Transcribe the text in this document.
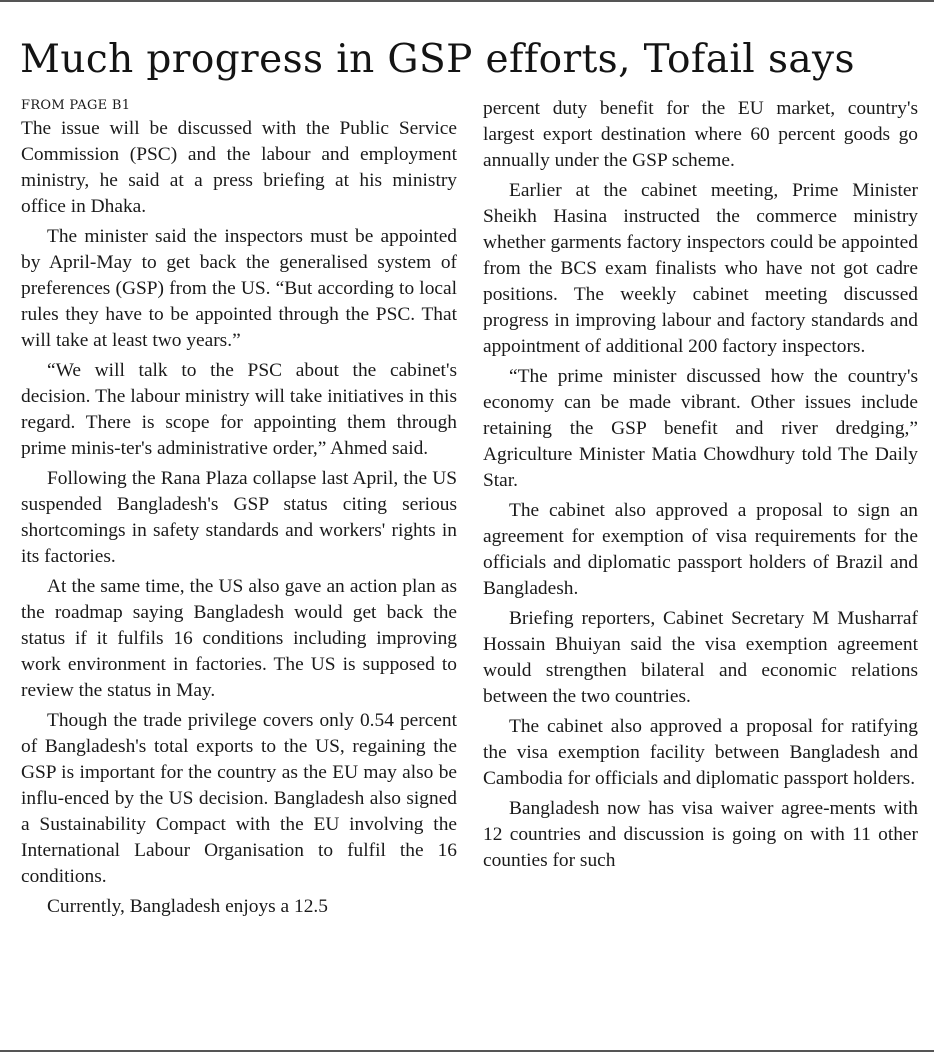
Much progress in GSP efforts, Tofail says
FROM PAGE B1

The issue will be discussed with the Public Service Commission (PSC) and the labour and employment ministry, he said at a press briefing at his ministry office in Dhaka.

The minister said the inspectors must be appointed by April-May to get back the generalised system of preferences (GSP) from the US. “But according to local rules they have to be appointed through the PSC. That will take at least two years.”

“We will talk to the PSC about the cabinet's decision. The labour ministry will take initiatives in this regard. There is scope for appointing them through prime minis-ter's administrative order,” Ahmed said.

Following the Rana Plaza collapse last April, the US suspended Bangladesh's GSP status citing serious shortcomings in safety standards and workers' rights in its factories.

At the same time, the US also gave an action plan as the roadmap saying Bangladesh would get back the status if it fulfils 16 conditions including improving work environment in factories. The US is supposed to review the status in May.

Though the trade privilege covers only 0.54 percent of Bangladesh's total exports to the US, regaining the GSP is important for the country as the EU may also be influ-enced by the US decision. Bangladesh also signed a Sustainability Compact with the EU involving the International Labour Organisation to fulfil the 16 conditions.

Currently, Bangladesh enjoys a 12.5

percent duty benefit for the EU market, country's largest export destination where 60 percent goods go annually under the GSP scheme.

Earlier at the cabinet meeting, Prime Minister Sheikh Hasina instructed the commerce ministry whether garments factory inspectors could be appointed from the BCS exam finalists who have not got cadre positions. The weekly cabinet meeting discussed progress in improving labour and factory standards and appointment of additional 200 factory inspectors.

“The prime minister discussed how the country's economy can be made vibrant. Other issues include retaining the GSP benefit and river dredging,” Agriculture Minister Matia Chowdhury told The Daily Star.

The cabinet also approved a proposal to sign an agreement for exemption of visa requirements for the officials and diplomatic passport holders of Brazil and Bangladesh.

Briefing reporters, Cabinet Secretary M Musharraf Hossain Bhuiyan said the visa exemption agreement would strengthen bilateral and economic relations between the two countries.

The cabinet also approved a proposal for ratifying the visa exemption facility between Bangladesh and Cambodia for officials and diplomatic passport holders.

Bangladesh now has visa waiver agree-ments with 12 countries and discussion is going on with 11 other counties for such
